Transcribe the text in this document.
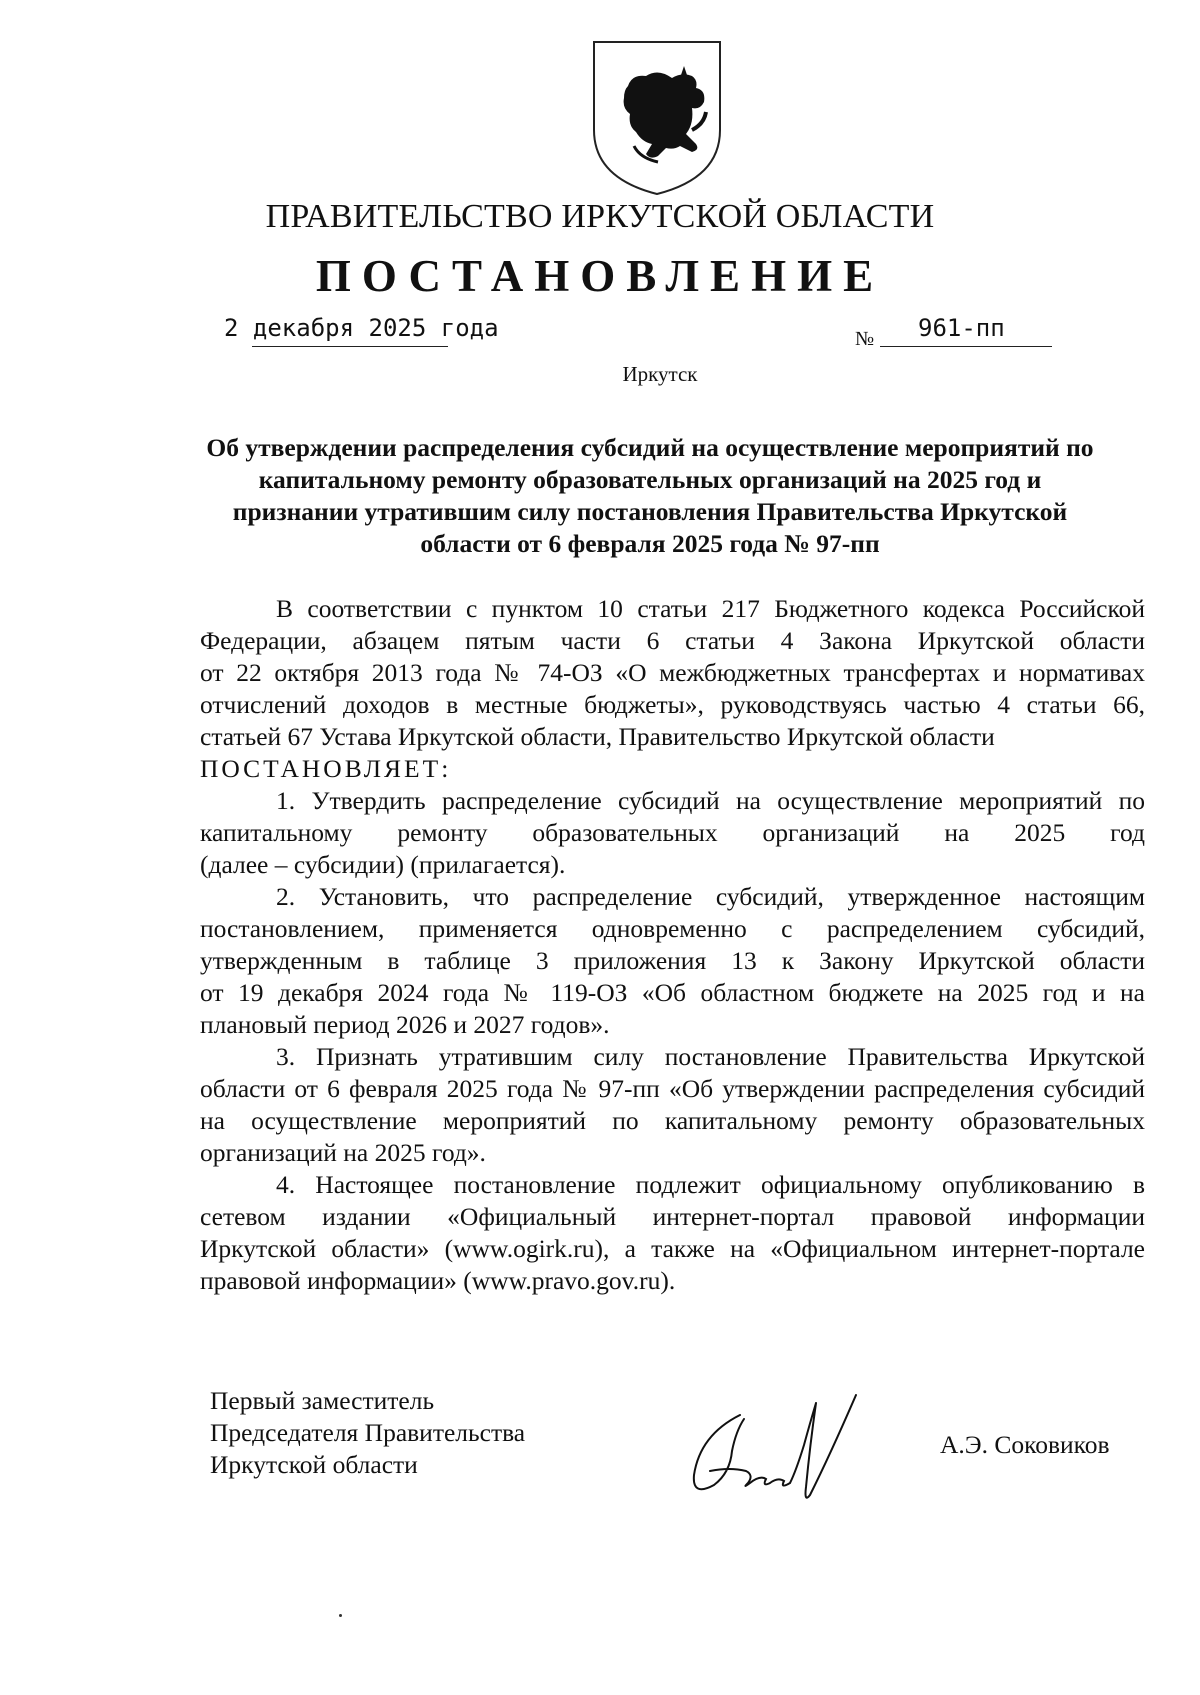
ПРАВИТЕЛЬСТВО ИРКУТСКОЙ ОБЛАСТИ
ПОСТАНОВЛЕНИЕ
2 декабря 2025 года	№ 961-пп
Иркутск
Об утверждении распределения субсидий на осуществление мероприятий по
капитальному ремонту образовательных организаций на 2025 год и
признании утратившим силу постановления Правительства Иркутской
области от 6 февраля 2025 года № 97-пп
В соответствии с пунктом 10 статьи 217 Бюджетного кодекса Российской
Федерации, абзацем пятым части 6 статьи 4 Закона Иркутской области
от 22 октября 2013 года № 74-ОЗ «О межбюджетных трансфертах и нормативах
отчислений доходов в местные бюджеты», руководствуясь частью 4 статьи 66,
статьей 67 Устава Иркутской области, Правительство Иркутской области
ПОСТАНОВЛЯЕТ:
1. Утвердить распределение субсидий на осуществление мероприятий по
капитальному ремонту образовательных организаций на 2025 год
(далее – субсидии) (прилагается).
2. Установить, что распределение субсидий, утвержденное настоящим
постановлением, применяется одновременно с распределением субсидий,
утвержденным в таблице 3 приложения 13 к Закону Иркутской области
от 19 декабря 2024 года № 119-ОЗ «Об областном бюджете на 2025 год и на
плановый период 2026 и 2027 годов».
3. Признать утратившим силу постановление Правительства Иркутской
области от 6 февраля 2025 года № 97-пп «Об утверждении распределения субсидий
на осуществление мероприятий по капитальному ремонту образовательных
организаций на 2025 год».
4. Настоящее постановление подлежит официальному опубликованию в
сетевом издании «Официальный интернет-портал правовой информации
Иркутской области» (www.ogirk.ru), а также на «Официальном интернет-портале
правовой информации» (www.pravo.gov.ru).
Первый заместитель
Председателя Правительства
Иркутской области
А.Э. Соковиков
